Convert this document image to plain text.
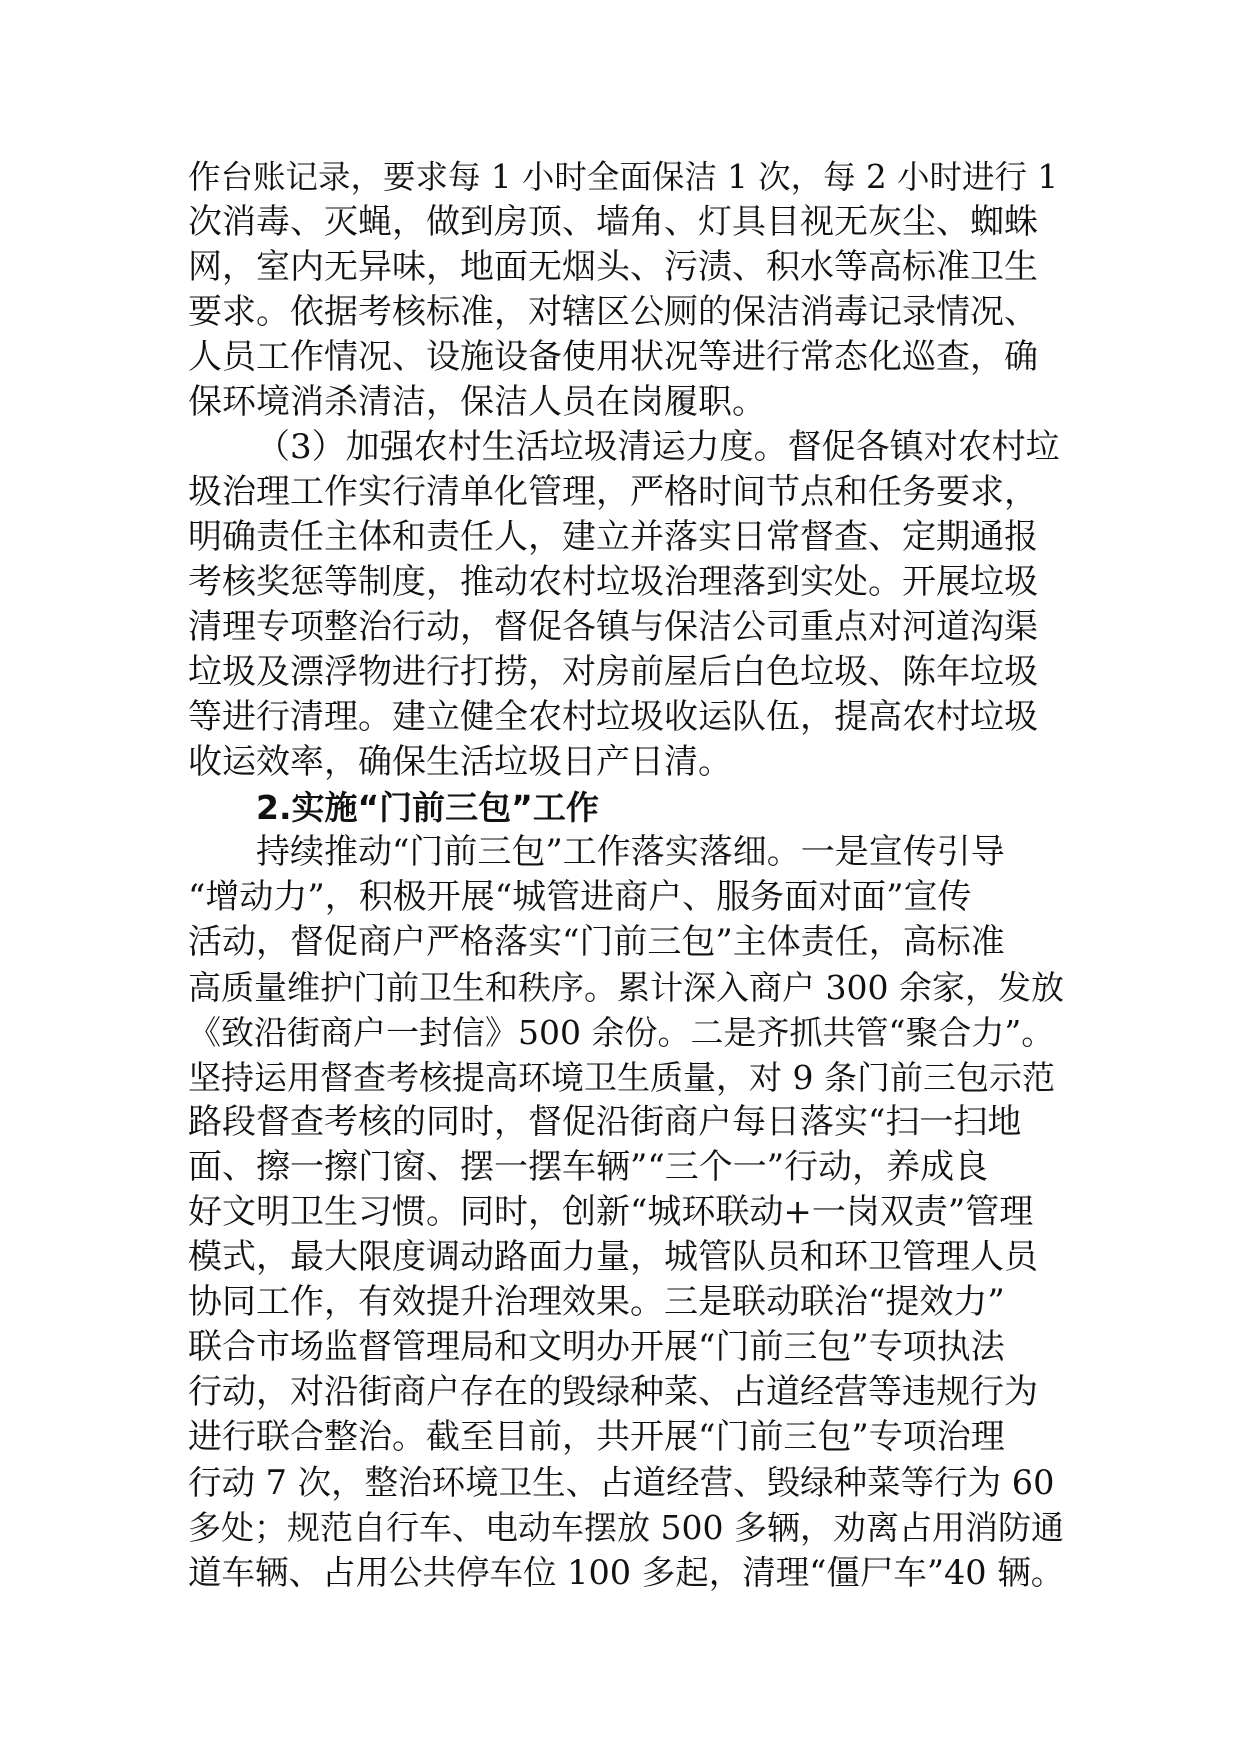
作台账记录，要求每 1 小时全面保洁 1 次，每 2 小时进行 1

次消毒、灭蝇，做到房顶、墙角、灯具目视无灰尘、蜘蛛

网，室内无异味，地面无烟头、污渍、积水等高标准卫生

要求。依据考核标准，对辖区公厕的保洁消毒记录情况、

人员工作情况、设施设备使用状况等进行常态化巡查，确

保环境消杀清洁，保洁人员在岗履职。

（3）加强农村生活垃圾清运力度。督促各镇对农村垃

圾治理工作实行清单化管理，严格时间节点和任务要求，

明确责任主体和责任人，建立并落实日常督查、定期通报

考核奖惩等制度，推动农村垃圾治理落到实处。开展垃圾

清理专项整治行动，督促各镇与保洁公司重点对河道沟渠

垃圾及漂浮物进行打捞，对房前屋后白色垃圾、陈年垃圾

等进行清理。建立健全农村垃圾收运队伍，提高农村垃圾

收运效率，确保生活垃圾日产日清。

2.实施“门前三包”工作

持续推动“门前三包”工作落实落细。一是宣传引导

“增动力”，积极开展“城管进商户、服务面对面”宣传

活动，督促商户严格落实“门前三包”主体责任，高标准

高质量维护门前卫生和秩序。累计深入商户 300 余家，发放

《致沿街商户一封信》500 余份。二是齐抓共管“聚合力”。

坚持运用督查考核提高环境卫生质量，对 9 条门前三包示范

路段督查考核的同时，督促沿街商户每日落实“扫一扫地

面、擦一擦门窗、摆一摆车辆”“三个一”行动，养成良

好文明卫生习惯。同时，创新“城环联动+一岗双责”管理

模式，最大限度调动路面力量，城管队员和环卫管理人员

协同工作，有效提升治理效果。三是联动联治“提效力”

联合市场监督管理局和文明办开展“门前三包”专项执法

行动，对沿街商户存在的毁绿种菜、占道经营等违规行为

进行联合整治。截至目前，共开展“门前三包”专项治理

行动 7 次，整治环境卫生、占道经营、毁绿种菜等行为 60

多处；规范自行车、电动车摆放 500 多辆，劝离占用消防通

道车辆、占用公共停车位 100 多起，清理“僵尸车”40 辆。
